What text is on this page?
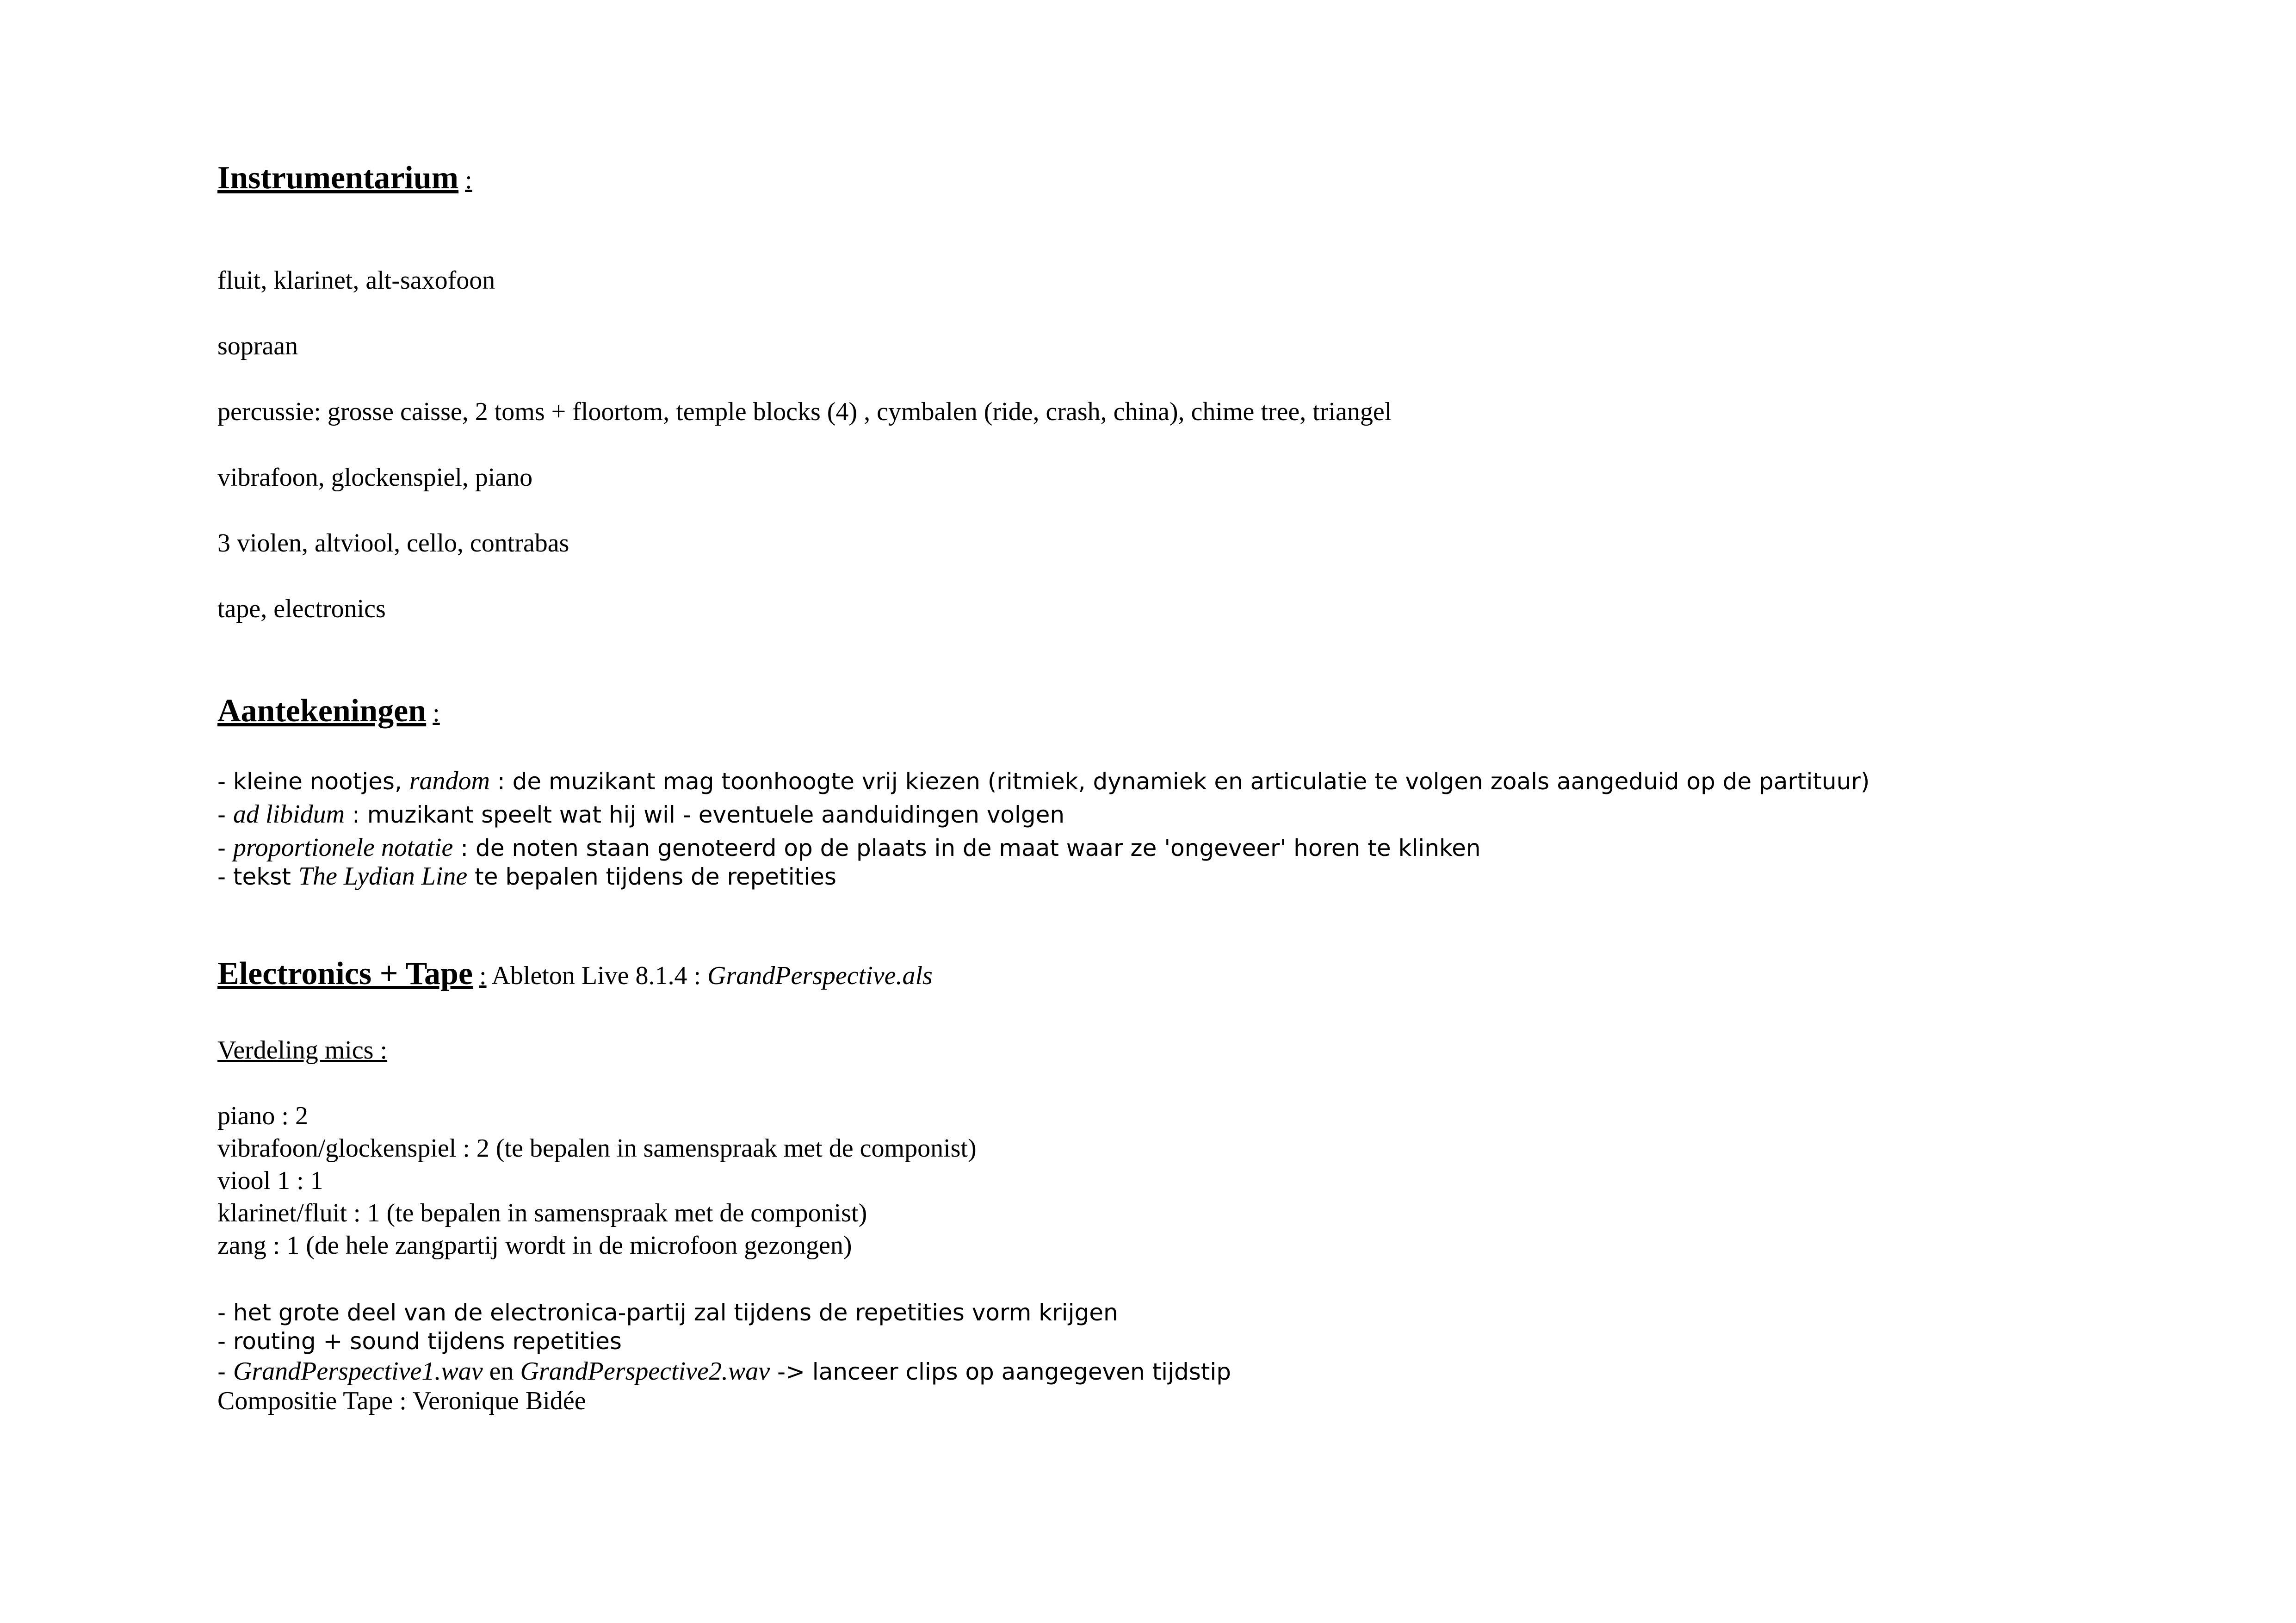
Instrumentarium :
fluit, klarinet, alt-saxofoon
sopraan
percussie: grosse caisse, 2 toms + floortom, temple blocks (4) , cymbalen (ride, crash, china), chime tree, triangel
vibrafoon, glockenspiel, piano
3 violen, altviool, cello, contrabas
tape, electronics
Aantekeningen :
- kleine nootjes, random : de muzikant mag toonhoogte vrij kiezen (ritmiek, dynamiek en articulatie te volgen zoals aangeduid op de partituur)
- ad libidum : muzikant speelt wat hij wil - eventuele aanduidingen volgen
- proportionele notatie : de noten staan genoteerd op de plaats in de maat waar ze 'ongeveer' horen te klinken
- tekst The Lydian Line te bepalen tijdens de repetities
Electronics + Tape : Ableton Live 8.1.4 : GrandPerspective.als
Verdeling mics :
piano : 2
vibrafoon/glockenspiel : 2 (te bepalen in samenspraak met de componist)
viool 1 : 1
klarinet/fluit : 1 (te bepalen in samenspraak met de componist)
zang : 1 (de hele zangpartij wordt in de microfoon gezongen)
- het grote deel van de electronica-partij zal tijdens de repetities vorm krijgen
- routing + sound tijdens repetities
- GrandPerspective1.wav en GrandPerspective2.wav -> lanceer clips op aangegeven tijdstip
Compositie Tape : Veronique Bidée
